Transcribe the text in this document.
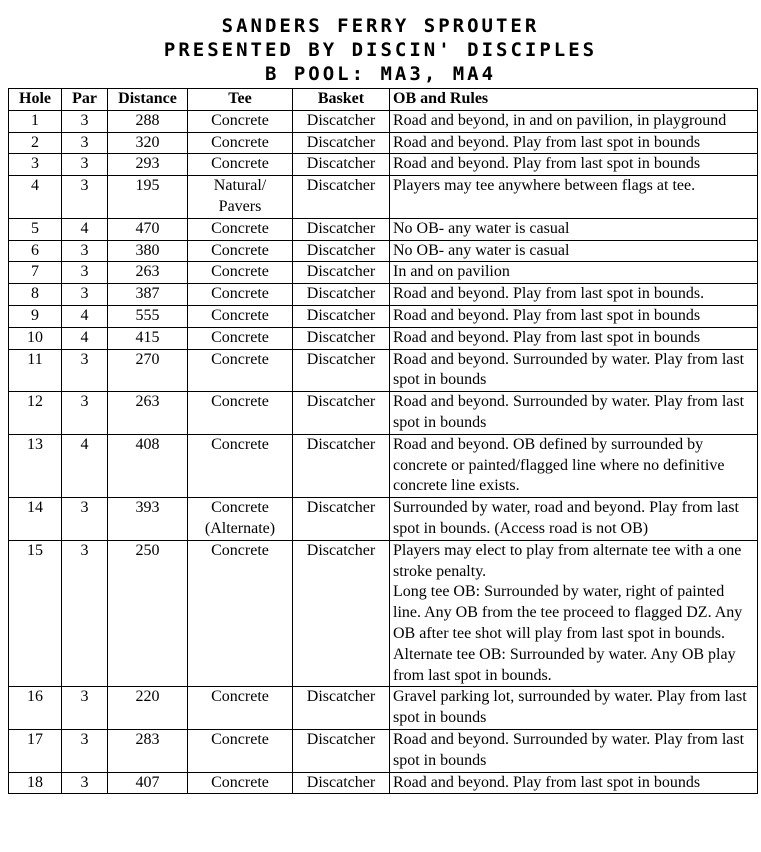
SANDERS FERRY SPROUTER
PRESENTED BY DISCIN' DISCIPLES
B POOL: MA3, MA4
Hole	Par	Distance	Tee	Basket	OB and Rules
1	3	288	Concrete	Discatcher	Road and beyond, in and on pavilion, in playground

2	3	320	Concrete	Discatcher	Road and beyond. Play from last spot in bounds

3	3	293	Concrete	Discatcher	Road and beyond. Play from last spot in bounds

4	3	195	Natural/
Pavers	Discatcher	Players may tee anywhere between flags at tee.

5	4	470	Concrete	Discatcher	No OB- any water is casual

6	3	380	Concrete	Discatcher	No OB- any water is casual

7	3	263	Concrete	Discatcher	In and on pavilion

8	3	387	Concrete	Discatcher	Road and beyond. Play from last spot in bounds.

9	4	555	Concrete	Discatcher	Road and beyond. Play from last spot in bounds

10	4	415	Concrete	Discatcher	Road and beyond. Play from last spot in bounds

11	3	270	Concrete	Discatcher	Road and beyond. Surrounded by water. Play from last spot in bounds

12	3	263	Concrete	Discatcher	Road and beyond. Surrounded by water. Play from last spot in bounds

13	4	408	Concrete	Discatcher	Road and beyond. OB defined by surrounded by concrete or painted/flagged line where no definitive concrete line exists.

14	3	393	Concrete
(Alternate)	Discatcher	Surrounded by water, road and beyond. Play from last spot in bounds. (Access road is not OB)

15	3	250	Concrete	Discatcher	Players may elect to play from alternate tee with a one stroke penalty.
Long tee OB: Surrounded by water, right of painted line. Any OB from the tee proceed to flagged DZ. Any OB after tee shot will play from last spot in bounds.
Alternate tee OB: Surrounded by water. Any OB play from last spot in bounds.

16	3	220	Concrete	Discatcher	Gravel parking lot, surrounded by water. Play from last spot in bounds

17	3	283	Concrete	Discatcher	Road and beyond. Surrounded by water. Play from last spot in bounds

18	3	407	Concrete	Discatcher	Road and beyond. Play from last spot in bounds
